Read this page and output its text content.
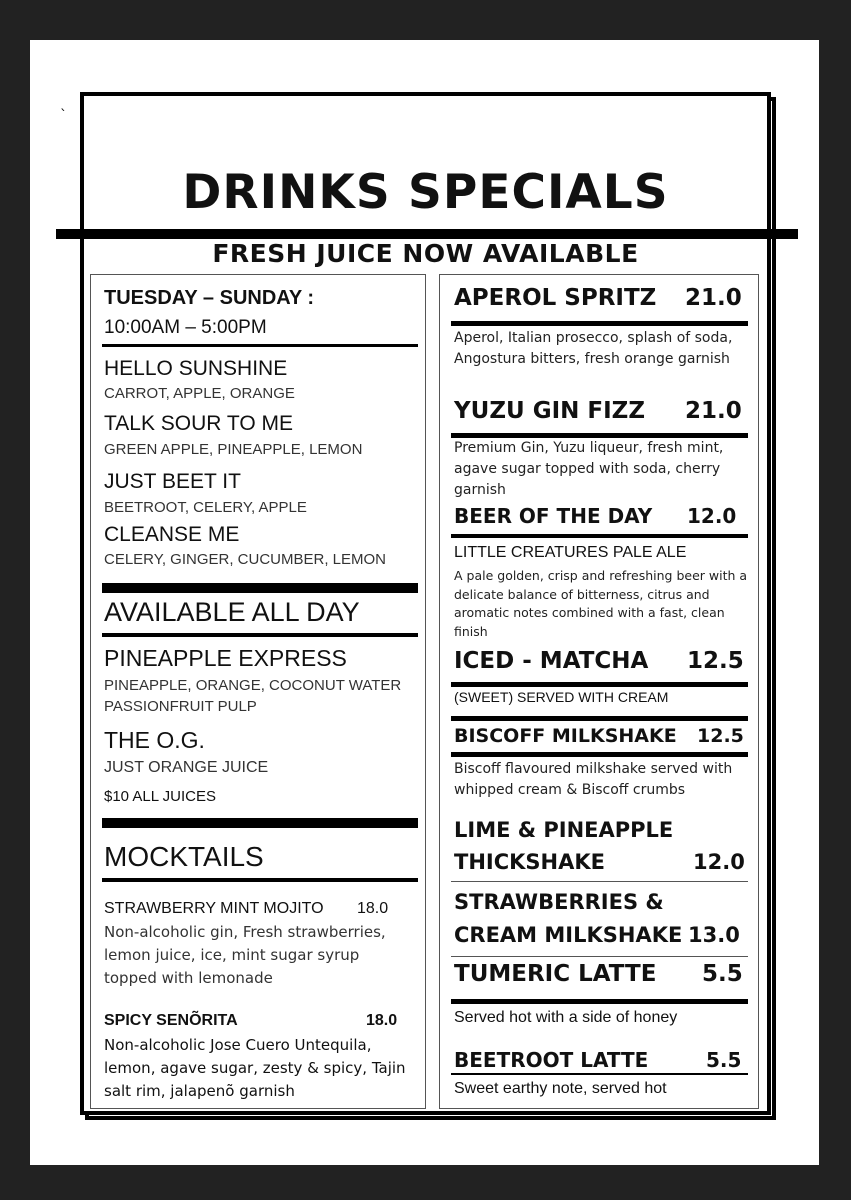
`
DRINKS SPECIALS
FRESH JUICE NOW AVAILABLE
TUESDAY – SUNDAY :
10:00AM – 5:00PM
HELLO SUNSHINE
CARROT, APPLE, ORANGE
TALK SOUR TO ME
GREEN APPLE, PINEAPPLE, LEMON
JUST BEET IT
BEETROOT, CELERY, APPLE
CLEANSE ME
CELERY, GINGER, CUCUMBER, LEMON
AVAILABLE ALL DAY
PINEAPPLE EXPRESS
PINEAPPLE, ORANGE, COCONUT WATER
PASSIONFRUIT PULP
THE O.G.
JUST ORANGE JUICE
$10 ALL JUICES
MOCKTAILS
STRAWBERRY MINT MOJITO 18.0
Non-alcoholic gin, Fresh strawberries, lemon juice, ice, mint sugar syrup topped with lemonade
SPICY SENÕRITA	18.0
Non-alcoholic Jose Cuero Untequila, lemon, agave sugar, zesty & spicy, Tajin salt rim, jalapenõ garnish
APEROL SPRITZ 21.0
Aperol, Italian prosecco, splash of soda, Angostura bitters, fresh orange garnish
YUZU GIN FIZZ 21.0
Premium Gin, Yuzu liqueur, fresh mint, agave sugar topped with soda, cherry garnish
BEER OF THE DAY 12.0
LITTLE CREATURES PALE ALE
A pale golden, crisp and refreshing beer with a delicate balance of bitterness, citrus and aromatic notes combined with a fast, clean finish
ICED - MATCHA 12.5
(SWEET) SERVED WITH CREAM
BISCOFF MILKSHAKE 12.5
Biscoff flavoured milkshake served with whipped cream & Biscoff crumbs
LIME & PINEAPPLE
THICKSHAKE	12.0
STRAWBERRIES &
CREAM MILKSHAKE 13.0
TUMERIC LATTE 5.5
Served hot with a side of honey
BEETROOT LATTE	5.5
Sweet earthy note, served hot
